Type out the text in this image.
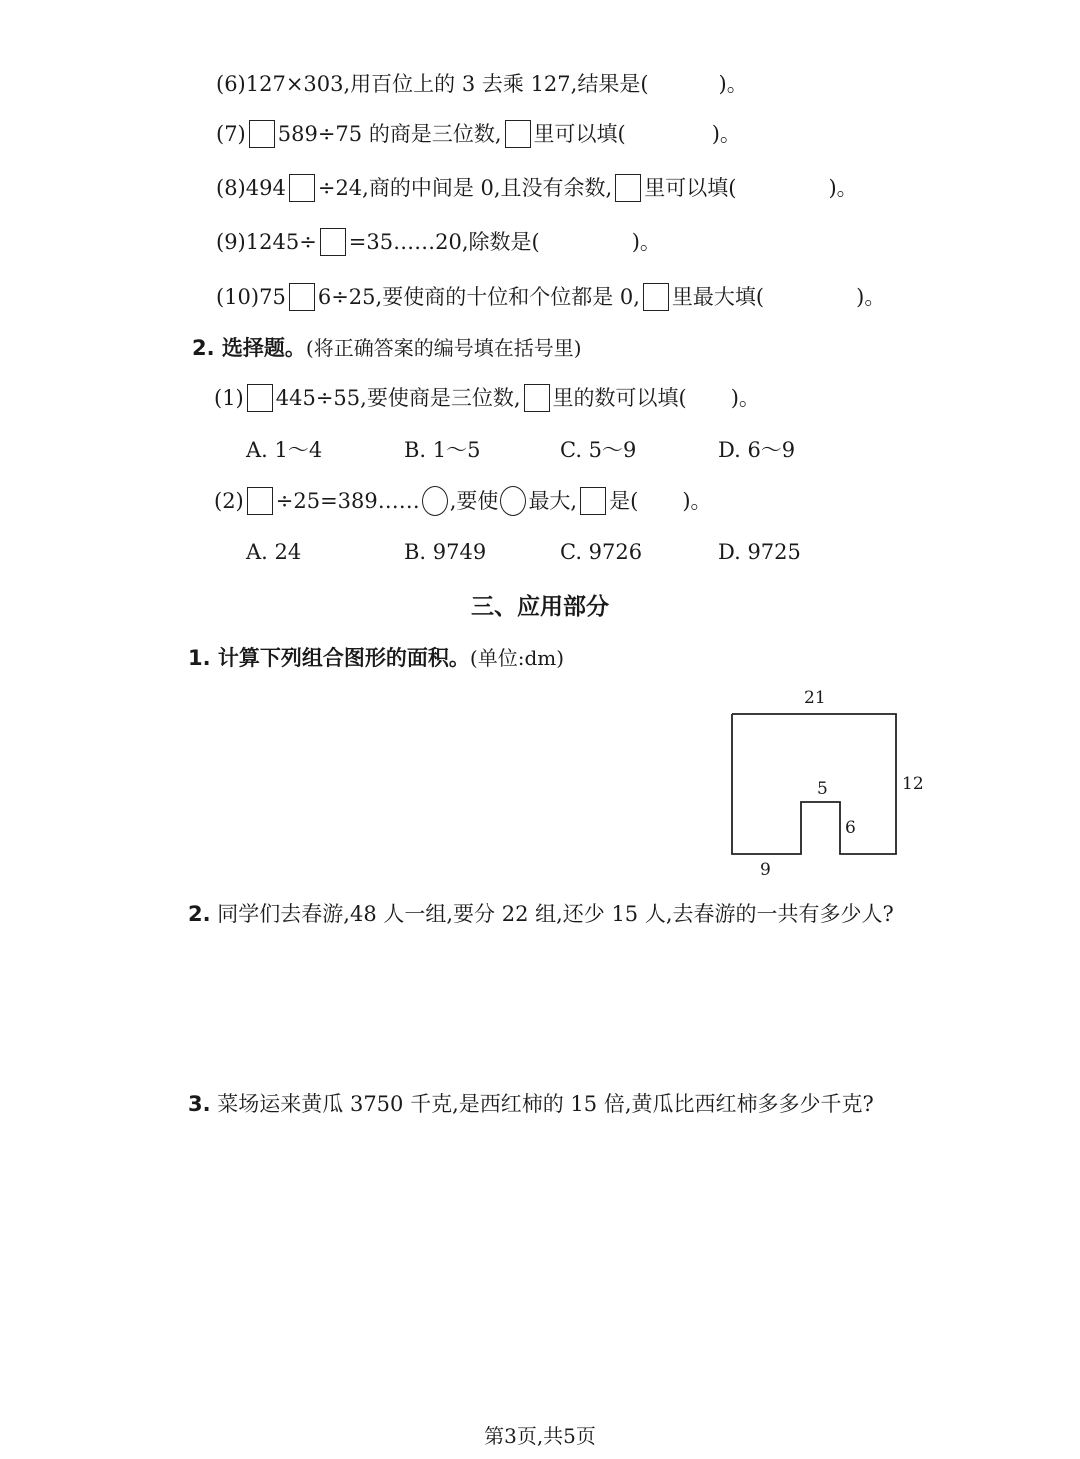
(6)127×303,用百位上的 3 去乘 127,结果是(	)。
(7) 589÷75 的商是三位数, 里可以填(	)。
(8)494 ÷24,商的中间是 0,且没有余数, 里可以填(	)。
(9)1245÷ =35……20,除数是(	)。
(10)75 6÷25,要使商的十位和个位都是 0, 里最大填(	)。
2. 选择题。(将正确答案的编号填在括号里)
(1) 445÷55,要使商是三位数, 里的数可以填( )。
A. 1～4	B. 1～5	C. 5～9	D. 6～9
(2) ÷25=389…… ,要使 最大, 是( )。
A. 24	B. 9749	C. 9726	D. 9725
三、应用部分
1. 计算下列组合图形的面积。(单位:dm)
21
12
5
6
9
2. 同学们去春游,48 人一组,要分 22 组,还少 15 人,去春游的一共有多少人?
3. 菜场运来黄瓜 3750 千克,是西红柿的 15 倍,黄瓜比西红柿多多少千克?
第3页,共5页
